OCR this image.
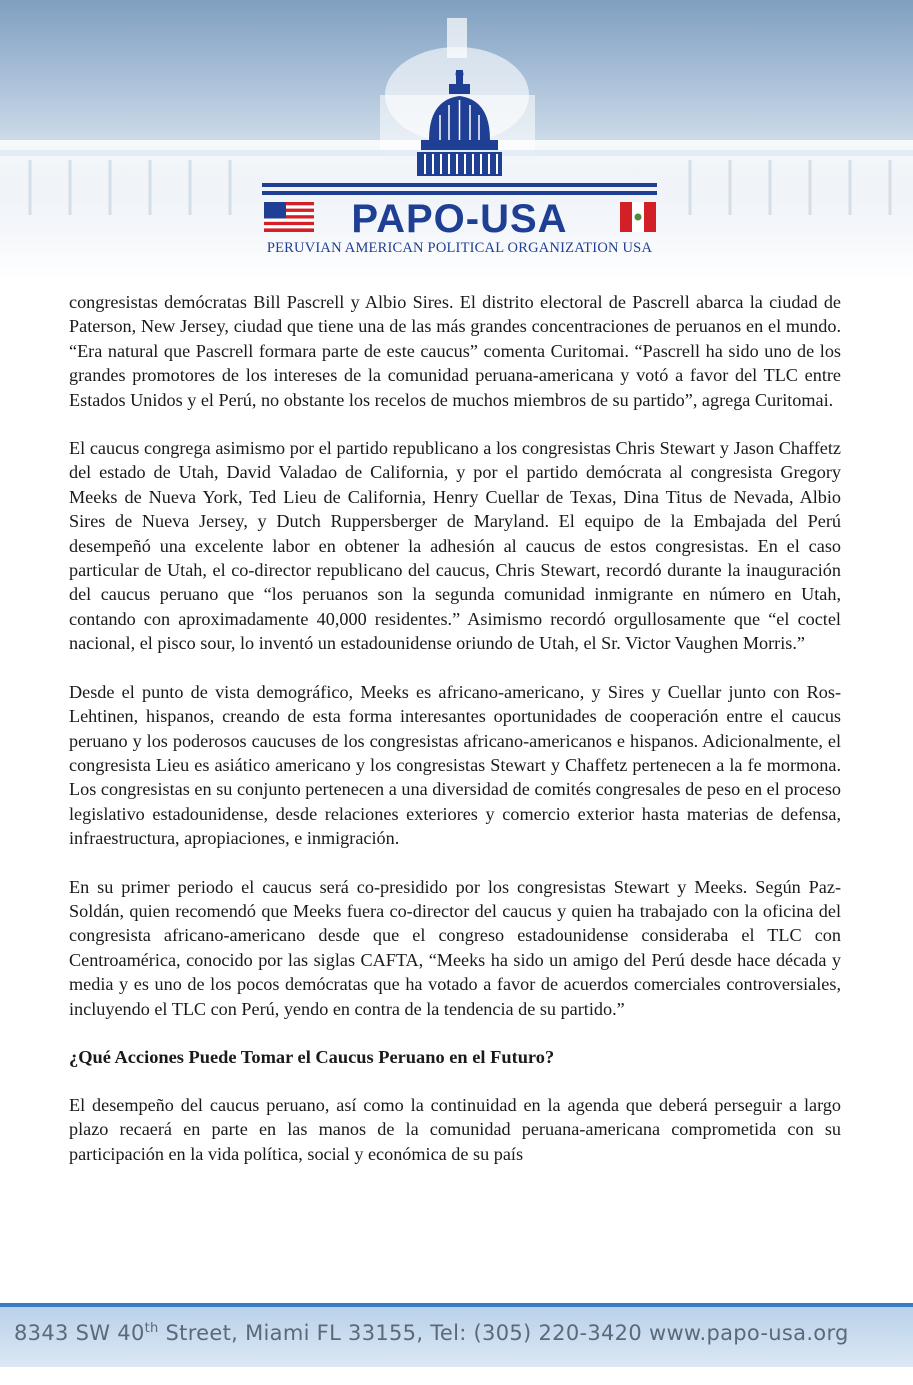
PAPO-USA
PERUVIAN AMERICAN POLITICAL ORGANIZATION USA

congresistas demócratas Bill Pascrell y Albio Sires. El distrito electoral de Pascrell abarca la ciudad de Paterson, New Jersey, ciudad que tiene una de las más grandes concentraciones de peruanos en el mundo. “Era natural que Pascrell formara parte de este caucus” comenta Curitomai. “Pascrell ha sido uno de los grandes promotores de los intereses de la comunidad peruana-americana y votó a favor del TLC entre Estados Unidos y el Perú, no obstante los recelos de muchos miembros de su partido”, agrega Curitomai.

El caucus congrega asimismo por el partido republicano a los congresistas Chris Stewart y Jason Chaffetz del estado de Utah, David Valadao de California, y por el partido demócrata al congresista Gregory Meeks de Nueva York, Ted Lieu de California, Henry Cuellar de Texas, Dina Titus de Nevada, Albio Sires de Nueva Jersey, y Dutch Ruppersberger de Maryland. El equipo de la Embajada del Perú desempeñó una excelente labor en obtener la adhesión al caucus de estos congresistas. En el caso particular de Utah, el co-director republicano del caucus, Chris Stewart, recordó durante la inauguración del caucus peruano que “los peruanos son la segunda comunidad inmigrante en número en Utah, contando con aproximadamente 40,000 residentes.” Asimismo recordó orgullosamente que “el coctel nacional, el pisco sour, lo inventó un estadounidense oriundo de Utah, el Sr. Victor Vaughen Morris.”

Desde el punto de vista demográfico, Meeks es africano-americano, y Sires y Cuellar junto con Ros-Lehtinen, hispanos, creando de esta forma interesantes oportunidades de cooperación entre el caucus peruano y los poderosos caucuses de los congresistas africano-americanos e hispanos. Adicionalmente, el congresista Lieu es asiático americano y los congresistas Stewart y Chaffetz pertenecen a la fe mormona. Los congresistas en su conjunto pertenecen a una diversidad de comités congresales de peso en el proceso legislativo estadounidense, desde relaciones exteriores y comercio exterior hasta materias de defensa, infraestructura, apropiaciones, e inmigración.

En su primer periodo el caucus será co-presidido por los congresistas Stewart y Meeks. Según Paz-Soldán, quien recomendó que Meeks fuera co-director del caucus y quien ha trabajado con la oficina del congresista africano-americano desde que el congreso estadounidense consideraba el TLC con Centroamérica, conocido por las siglas CAFTA, “Meeks ha sido un amigo del Perú desde hace década y media y es uno de los pocos demócratas que ha votado a favor de acuerdos comerciales controversiales, incluyendo el TLC con Perú, yendo en contra de la tendencia de su partido.”

¿Qué Acciones Puede Tomar el Caucus Peruano en el Futuro?

El desempeño del caucus peruano, así como la continuidad en la agenda que deberá perseguir a largo plazo recaerá en parte en las manos de la comunidad peruana-americana comprometida con su participación en la vida política, social y económica de su país

8343 SW 40th Street, Miami FL 33155, Tel: (305) 220-3420 www.papo-usa.org
